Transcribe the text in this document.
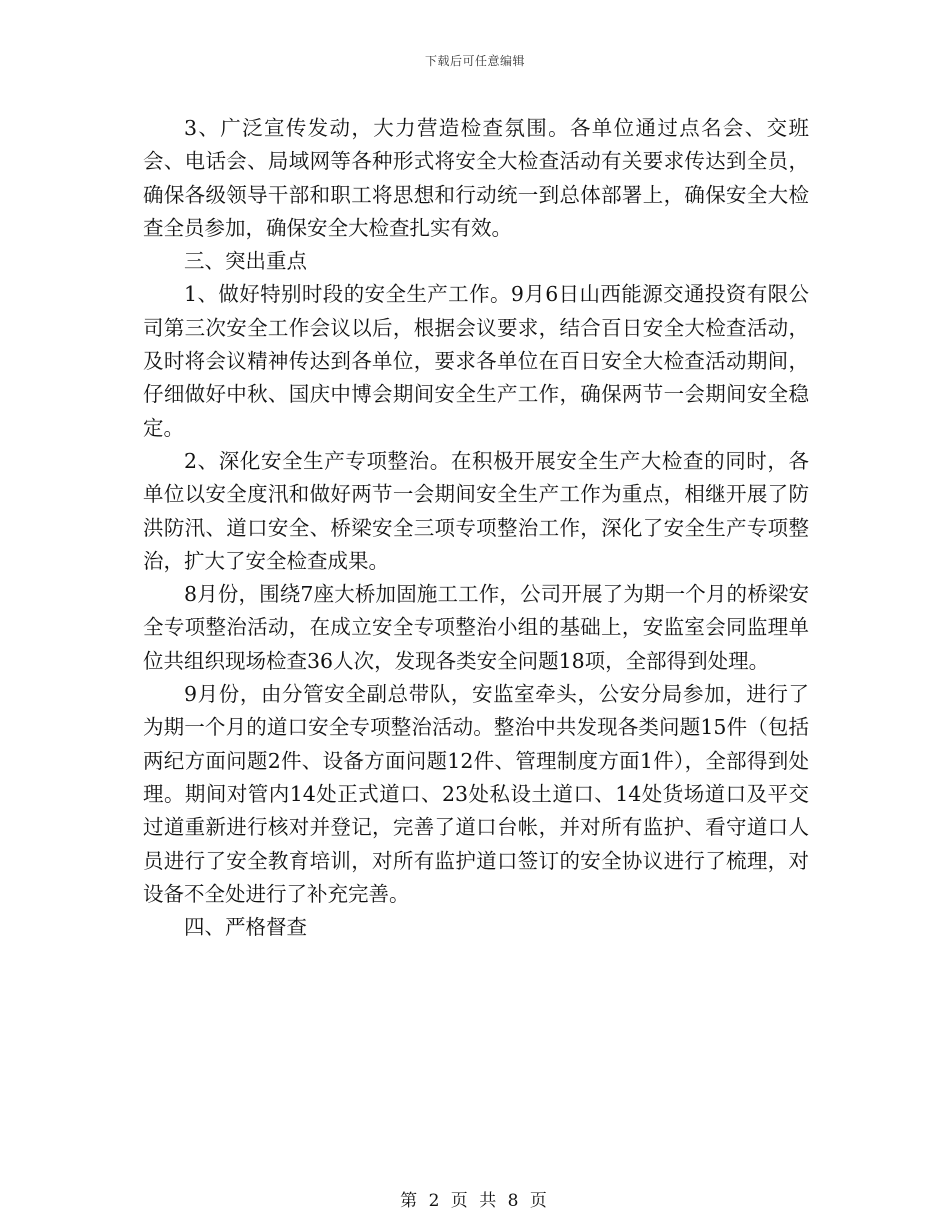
下载后可任意编辑

3、广泛宣传发动，大力营造检查氛围。各单位通过点名会、交班会、电话会、局域网等各种形式将安全大检查活动有关要求传达到全员，确保各级领导干部和职工将思想和行动统一到总体部署上，确保安全大检查全员参加，确保安全大检查扎实有效。

三、突出重点

1、做好特别时段的安全生产工作。9月6日山西能源交通投资有限公司第三次安全工作会议以后，根据会议要求，结合百日安全大检查活动，及时将会议精神传达到各单位，要求各单位在百日安全大检查活动期间，仔细做好中秋、国庆中博会期间安全生产工作，确保两节一会期间安全稳定。

2、深化安全生产专项整治。在积极开展安全生产大检查的同时，各单位以安全度汛和做好两节一会期间安全生产工作为重点，相继开展了防洪防汛、道口安全、桥梁安全三项专项整治工作，深化了安全生产专项整治，扩大了安全检查成果。

8月份，围绕7座大桥加固施工工作，公司开展了为期一个月的桥梁安全专项整治活动，在成立安全专项整治小组的基础上，安监室会同监理单位共组织现场检查36人次，发现各类安全问题18项，全部得到处理。

9月份，由分管安全副总带队，安监室牵头，公安分局参加，进行了为期一个月的道口安全专项整治活动。整治中共发现各类问题15件（包括两纪方面问题2件、设备方面问题12件、管理制度方面1件），全部得到处理。期间对管内14处正式道口、23处私设土道口、14处货场道口及平交过道重新进行核对并登记，完善了道口台帐，并对所有监护、看守道口人员进行了安全教育培训，对所有监护道口签订的安全协议进行了梳理，对设备不全处进行了补充完善。

四、严格督查

第 2 页 共 8 页
